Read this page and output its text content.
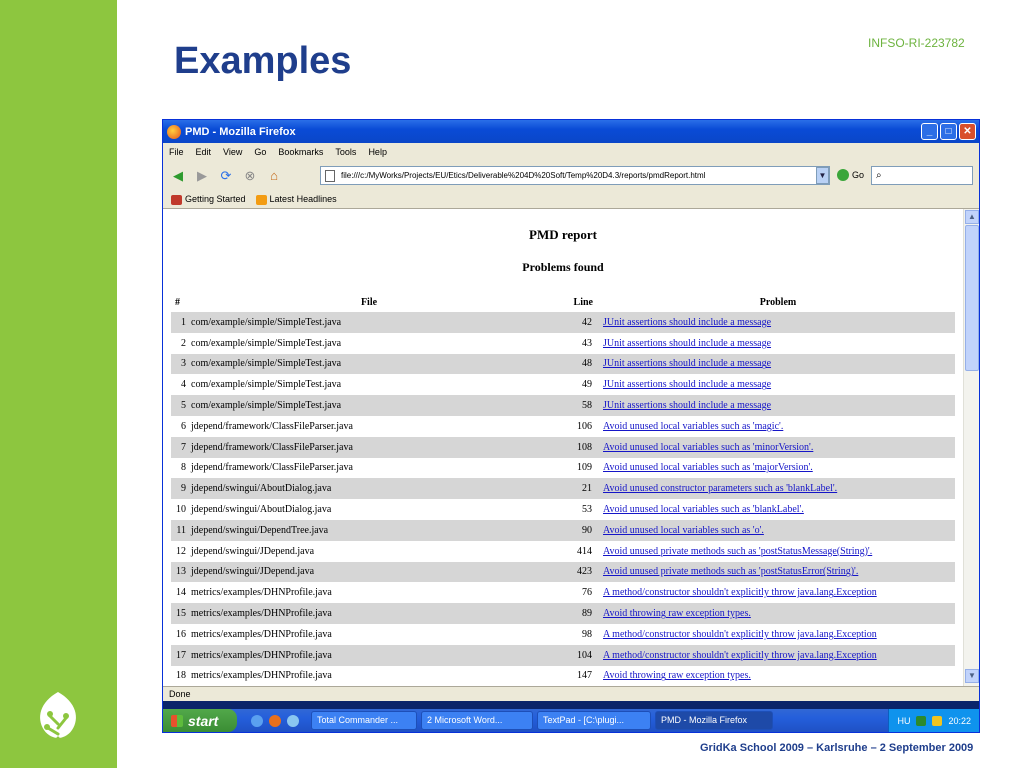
Examples	INFSO-RI-223782
GridKa School 2009 – Karlsruhe – 2 September 2009
PMD - Mozilla Firefox	_	□	✕
File Edit View Go Bookmarks Tools Help
◀	▶	⟳ ⊗	⌂	file:///c:/MyWorks/Projects/EU/Etics/Deliverable%204D%20Soft/Temp%20D4.3/reports/pmdReport.html	▼	Go	⌕
Getting Started	Latest Headlines
PMD report
Problems found
#	File	Line	Problem
1	com/example/simple/SimpleTest.java	42	JUnit assertions should include a message
2	com/example/simple/SimpleTest.java	43	JUnit assertions should include a message
3	com/example/simple/SimpleTest.java	48	JUnit assertions should include a message
4	com/example/simple/SimpleTest.java	49	JUnit assertions should include a message
5	com/example/simple/SimpleTest.java	58	JUnit assertions should include a message
6	jdepend/framework/ClassFileParser.java	106	Avoid unused local variables such as 'magic'.
7	jdepend/framework/ClassFileParser.java	108	Avoid unused local variables such as 'minorVersion'.
8	jdepend/framework/ClassFileParser.java	109	Avoid unused local variables such as 'majorVersion'.
9	jdepend/swingui/AboutDialog.java	21	Avoid unused constructor parameters such as 'blankLabel'.
10	jdepend/swingui/AboutDialog.java	53	Avoid unused local variables such as 'blankLabel'.
11	jdepend/swingui/DependTree.java	90	Avoid unused local variables such as 'o'.
12	jdepend/swingui/JDepend.java	414	Avoid unused private methods such as 'postStatusMessage(String)'.
13	jdepend/swingui/JDepend.java	423	Avoid unused private methods such as 'postStatusError(String)'.
14	metrics/examples/DHNProfile.java	76	A method/constructor shouldn't explicitly throw java.lang.Exception
15	metrics/examples/DHNProfile.java	89	Avoid throwing raw exception types.
16	metrics/examples/DHNProfile.java	98	A method/constructor shouldn't explicitly throw java.lang.Exception
17	metrics/examples/DHNProfile.java	104	A method/constructor shouldn't explicitly throw java.lang.Exception
18	metrics/examples/DHNProfile.java	147	Avoid throwing raw exception types.
▲
▼
Done
start	Total Commander ...	2 Microsoft Word...	TextPad - [C:\plugi...	PMD - Mozilla Firefox	HU	20:22
